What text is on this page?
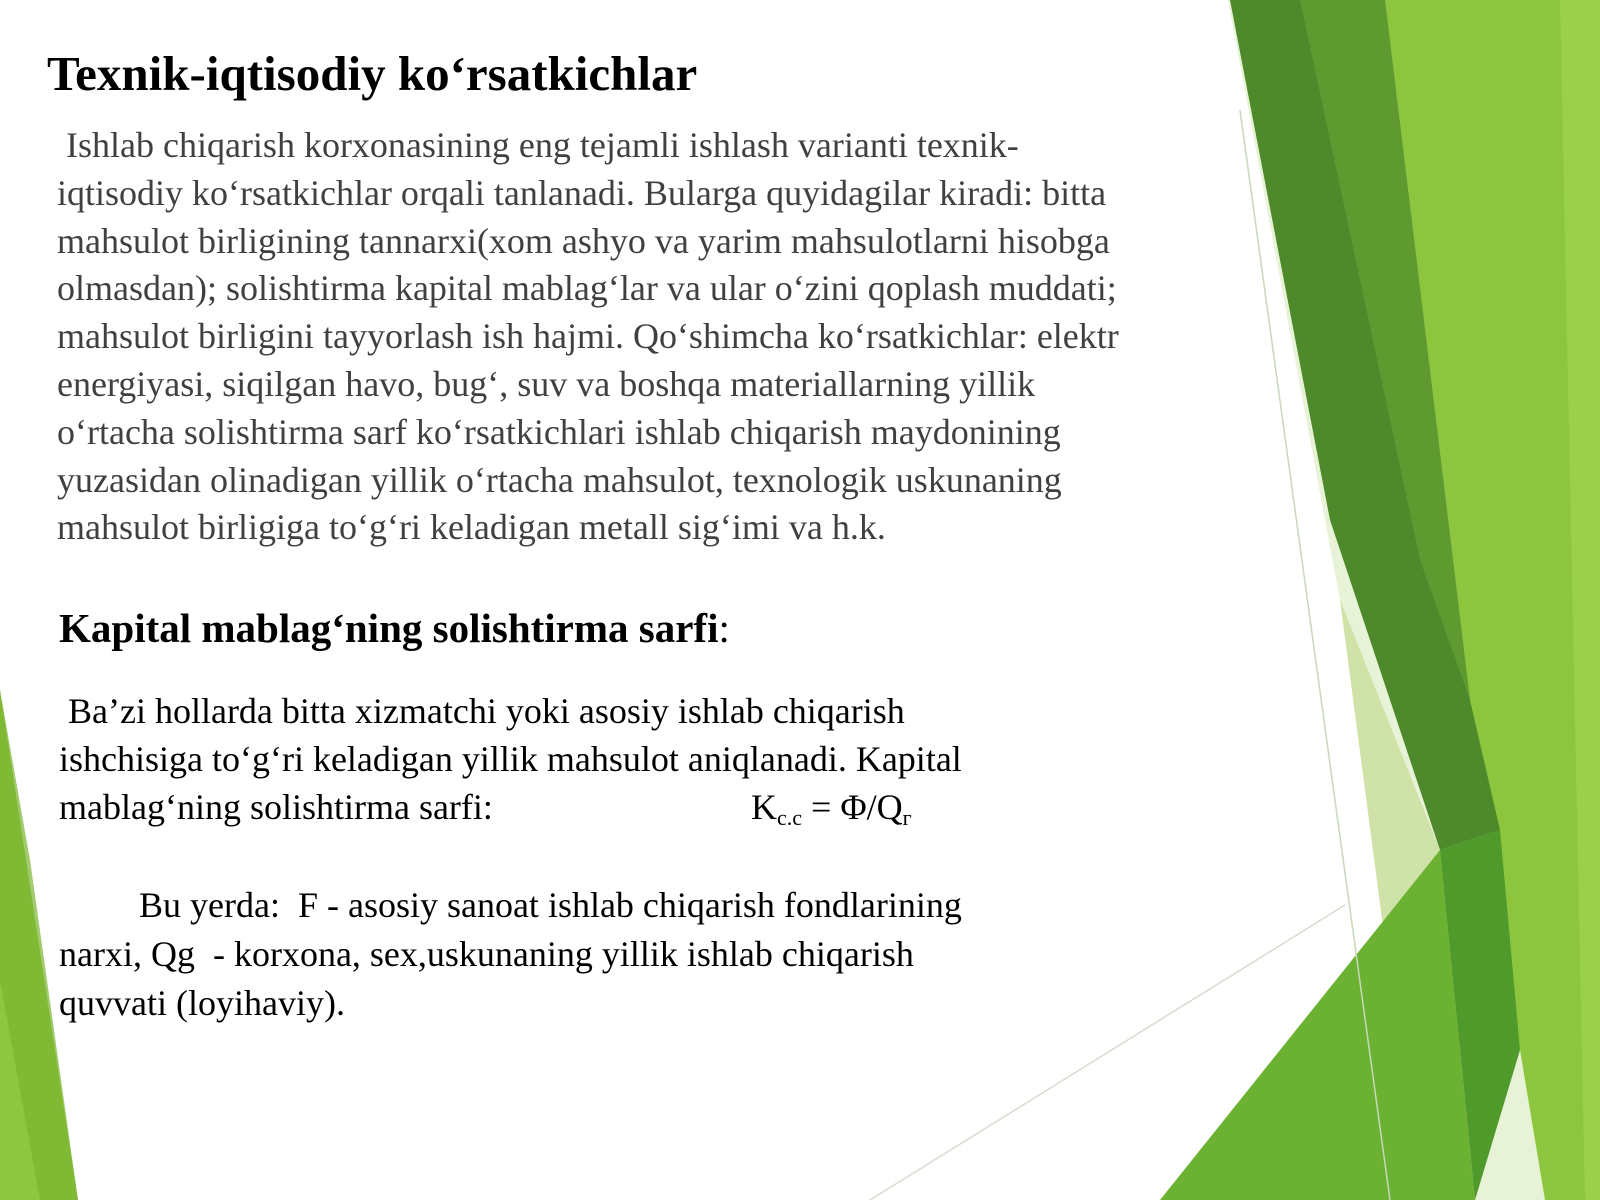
Texnik-iqtisodiy ko‘rsatkichlar
Ishlab chiqarish korxonasining eng tejamli ishlash varianti texnik-
iqtisodiy ko‘rsatkichlar orqali tanlanadi. Bularga quyidagilar kiradi: bitta
mahsulot birligining tannarxi(xom ashyo va yarim mahsulotlarni hisobga
olmasdan); solishtirma kapital mablag‘lar va ular o‘zini qoplash muddati;
mahsulot birligini tayyorlash ish hajmi. Qo‘shimcha ko‘rsatkichlar: elektr
energiyasi, siqilgan havo, bug‘, suv va boshqa materiallarning yillik
o‘rtacha solishtirma sarf ko‘rsatkichlari ishlab chiqarish maydonining
yuzasidan olinadigan yillik o‘rtacha mahsulot, texnologik uskunaning
mahsulot birligiga to‘g‘ri keladigan metall sig‘imi va h.k.
Kapital mablag‘ning solishtirma sarfi:
Ba’zi hollarda bitta xizmatchi yoki asosiy ishlab chiqarish
ishchisiga to‘g‘ri keladigan yillik mahsulot aniqlanadi. Kapital
mablag‘ning solishtirma sarfi:	$K_{c.c} = \Phi/Q_г$
Bu yerda:  F - asosiy sanoat ishlab chiqarish fondlarining
narxi, Qg  - korxona, sex,uskunaning yillik ishlab chiqarish
quvvati (loyihaviy).
